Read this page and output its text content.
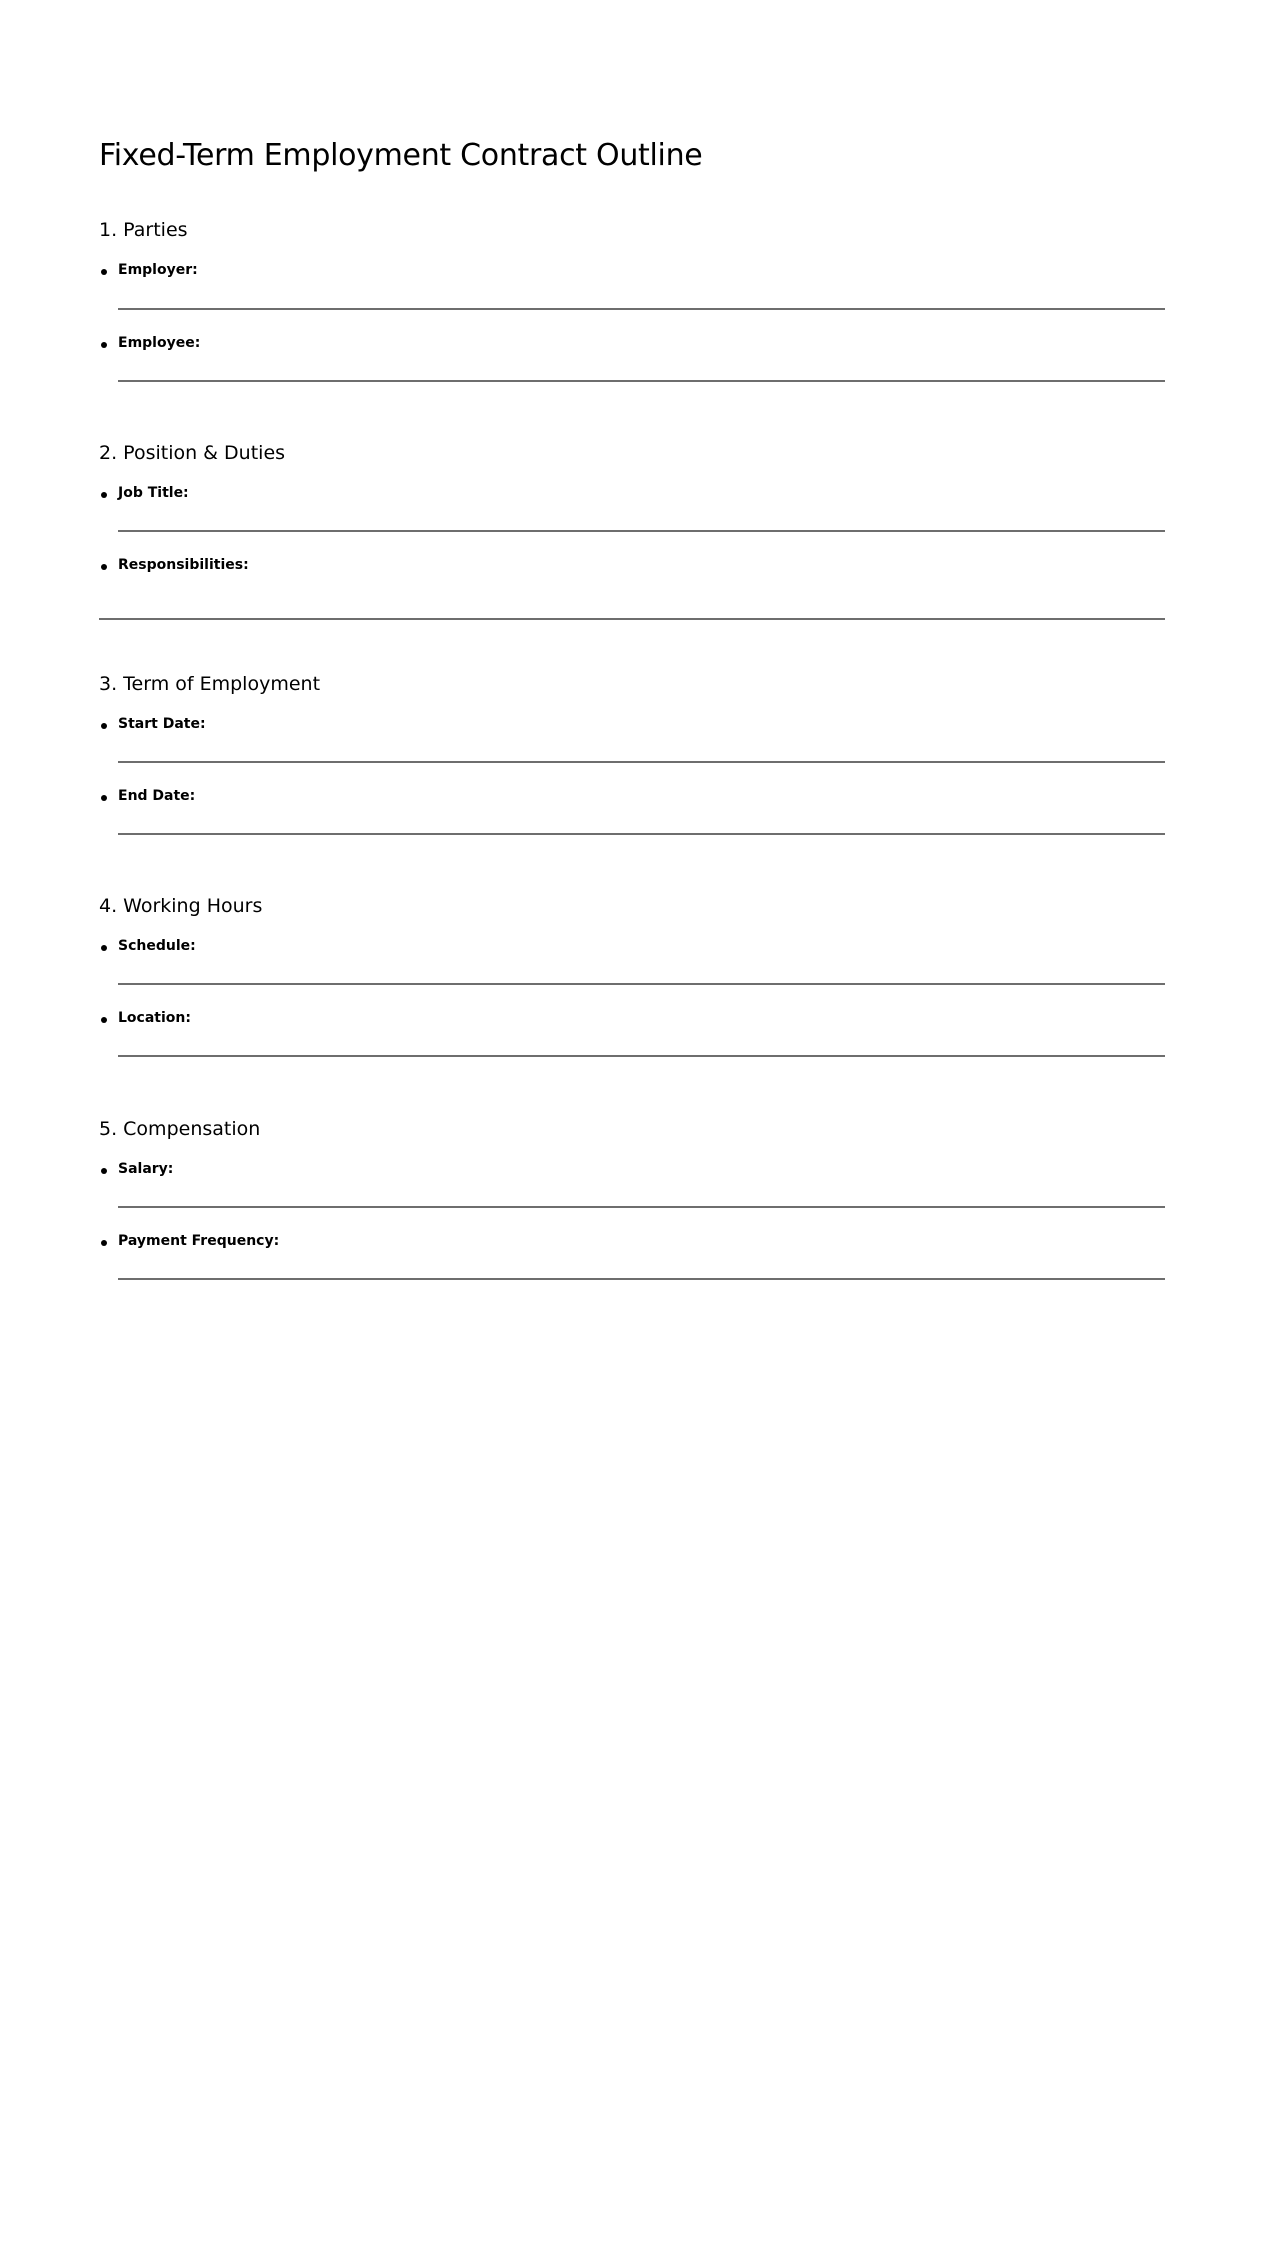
Fixed-Term Employment Contract Outline
1. Parties
Employer:
Employee:
2. Position & Duties
Job Title:
Responsibilities:
3. Term of Employment
Start Date:
End Date:
4. Working Hours
Schedule:
Location:
5. Compensation
Salary:
Payment Frequency:
